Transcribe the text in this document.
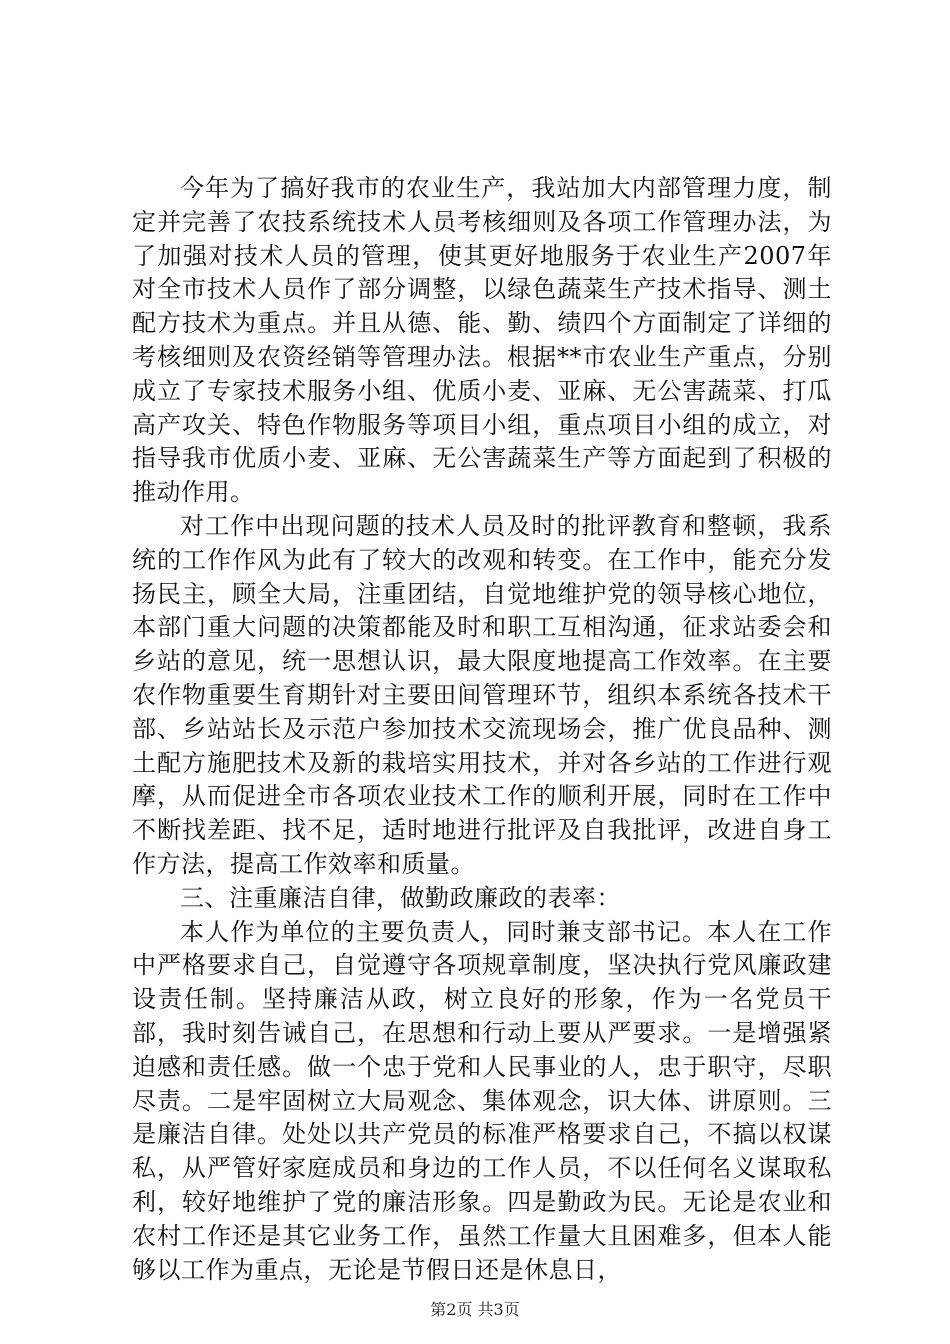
今年为了搞好我市的农业生产，我站加大内部管理力度，制定并完善了农技系统技术人员考核细则及各项工作管理办法，为了加强对技术人员的管理，使其更好地服务于农业生产2007年对全市技术人员作了部分调整，以绿色蔬菜生产技术指导、测土配方技术为重点。并且从德、能、勤、绩四个方面制定了详细的考核细则及农资经销等管理办法。根据**市农业生产重点，分别成立了专家技术服务小组、优质小麦、亚麻、无公害蔬菜、打瓜高产攻关、特色作物服务等项目小组，重点项目小组的成立，对指导我市优质小麦、亚麻、无公害蔬菜生产等方面起到了积极的推动作用。

对工作中出现问题的技术人员及时的批评教育和整顿，我系统的工作作风为此有了较大的改观和转变。在工作中，能充分发扬民主，顾全大局，注重团结，自觉地维护党的领导核心地位，本部门重大问题的决策都能及时和职工互相沟通，征求站委会和乡站的意见，统一思想认识，最大限度地提高工作效率。在主要农作物重要生育期针对主要田间管理环节，组织本系统各技术干部、乡站站长及示范户参加技术交流现场会，推广优良品种、测土配方施肥技术及新的栽培实用技术，并对各乡站的工作进行观摩，从而促进全市各项农业技术工作的顺利开展，同时在工作中不断找差距、找不足，适时地进行批评及自我批评，改进自身工作方法，提高工作效率和质量。

三、注重廉洁自律，做勤政廉政的表率：

本人作为单位的主要负责人，同时兼支部书记。本人在工作中严格要求自己，自觉遵守各项规章制度，坚决执行党风廉政建设责任制。坚持廉洁从政，树立良好的形象，作为一名党员干部，我时刻告诫自己，在思想和行动上要从严要求。一是增强紧迫感和责任感。做一个忠于党和人民事业的人，忠于职守，尽职尽责。二是牢固树立大局观念、集体观念，识大体、讲原则。三是廉洁自律。处处以共产党员的标准严格要求自己，不搞以权谋私，从严管好家庭成员和身边的工作人员，不以任何名义谋取私利，较好地维护了党的廉洁形象。四是勤政为民。无论是农业和农村工作还是其它业务工作，虽然工作量大且困难多，但本人能够以工作为重点，无论是节假日还是休息日，

第2页 共3页
